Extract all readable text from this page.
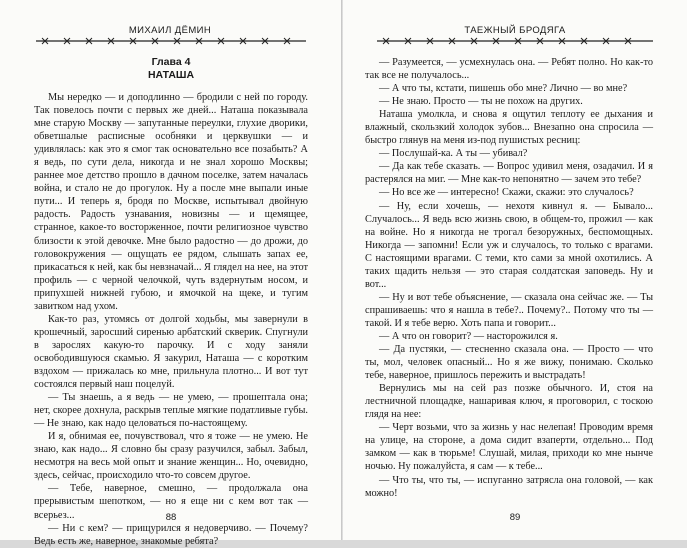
МИХАИЛ ДЁМИН
Глава 4
НАТАША

Мы нередко — и доподлинно — бродили с ней по городу. Так повелось почти с первых же дней... Наташа показывала мне старую Москву — запутанные переулки, глухие дворики, обветшалые расписные особняки и церквушки — и удивлялась: как это я смог так основательно все позабыть? А я ведь, по сути дела, никогда и не знал хорошо Москвы; раннее мое детство прошло в дачном поселке, затем началась война, и стало не до прогулок. Ну а после мне выпали иные пути... И теперь я, бродя по Москве, испытывал двойную радость. Радость узнавания, новизны — и щемящее, странное, какое-то восторженное, почти религиозное чувство близости к этой девочке. Мне было радостно — до дрожи, до головокружения — ощущать ее рядом, слышать запах ее, прикасаться к ней, как бы невзначай... Я глядел на нее, на этот профиль — с черной челочкой, чуть вздернутым носом, и припухшей нижней губою, и ямочкой на щеке, и тугим завитком над ухом.

Как-то раз, утомясь от долгой ходьбы, мы завернули в крошечный, заросший сиренью арбатский скверик. Спугнули в зарослях какую-то парочку. И с ходу заняли освободившуюся скамью. Я закурил, Наташа — с коротким вздохом — прижалась ко мне, прильнула плотно... И вот тут состоялся первый наш поцелуй.

— Ты знаешь, а я ведь — не умею, — прошептала она; нет, скорее дохнула, раскрыв теплые мягкие податливые губы. — Не знаю, как надо целоваться по-настоящему.

И я, обнимая ее, почувствовал, что я тоже — не умею. Не знаю, как надо... Я словно бы сразу разучился, забыл. Забыл, несмотря на весь мой опыт и знание женщин... Но, очевидно, здесь, сейчас, происходило что-то совсем другое.

— Тебе, наверное, смешно, — продолжала она прерывистым шепотком, — но я еще ни с кем вот так — всерьез...

— Ни с кем? — прищурился я недоверчиво. — Почему? Ведь есть же, наверное, знакомые ребята?

88
ТАЕЖНЫЙ БРОДЯГА

— Разумеется, — усмехнулась она. — Ребят полно. Но как-то так все не получалось...

— А что ты, кстати, пишешь обо мне? Лично — во мне?

— Не знаю. Просто — ты не похож на других.

Наташа умолкла, и снова я ощутил теплоту ее дыхания и влажный, скользкий холодок зубов... Внезапно она спросила — быстро глянув на меня из-под пушистых ресниц:

— Послушай-ка. А ты — убивал?

— Да как тебе сказать. — Вопрос удивил меня, озадачил. И я растерялся на миг. — Мне как-то непонятно — зачем это тебе?

— Но все же — интересно! Скажи, скажи: это случалось?

— Ну, если хочешь, — нехотя кивнул я. — Бывало... Случалось... Я ведь всю жизнь свою, в общем-то, прожил — как на войне. Но я никогда не трогал безоружных, беспомощных. Никогда — запомни! Если уж и случалось, то только с врагами. С настоящими врагами. С теми, кто сами за мной охотились. А таких щадить нельзя — это старая солдатская заповедь. Ну и вот...

— Ну и вот тебе объяснение, — сказала она сейчас же. — Ты спрашиваешь: что я нашла в тебе?.. Почему?.. Потому что ты — такой. И я тебе верю. Хоть папа и говорит...

— А что он говорит? — насторожился я.

— Да пустяки, — стесненно сказала она. — Просто — что ты, мол, человек опасный... Но я же вижу, понимаю. Сколько тебе, наверное, пришлось пережить и выстрадать!

Вернулись мы на сей раз позже обычного. И, стоя на лестничной площадке, нашаривая ключ, я проговорил, с тоскою глядя на нее:

— Черт возьми, что за жизнь у нас нелепая! Проводим время на улице, на стороне, а дома сидит взаперти, отдельно... Под замком — как в тюрьме! Слушай, милая, приходи ко мне нынче ночью. Ну пожалуйста, я сам — к тебе...

— Что ты, что ты, — испуганно затрясла она головой, — как можно!

89
